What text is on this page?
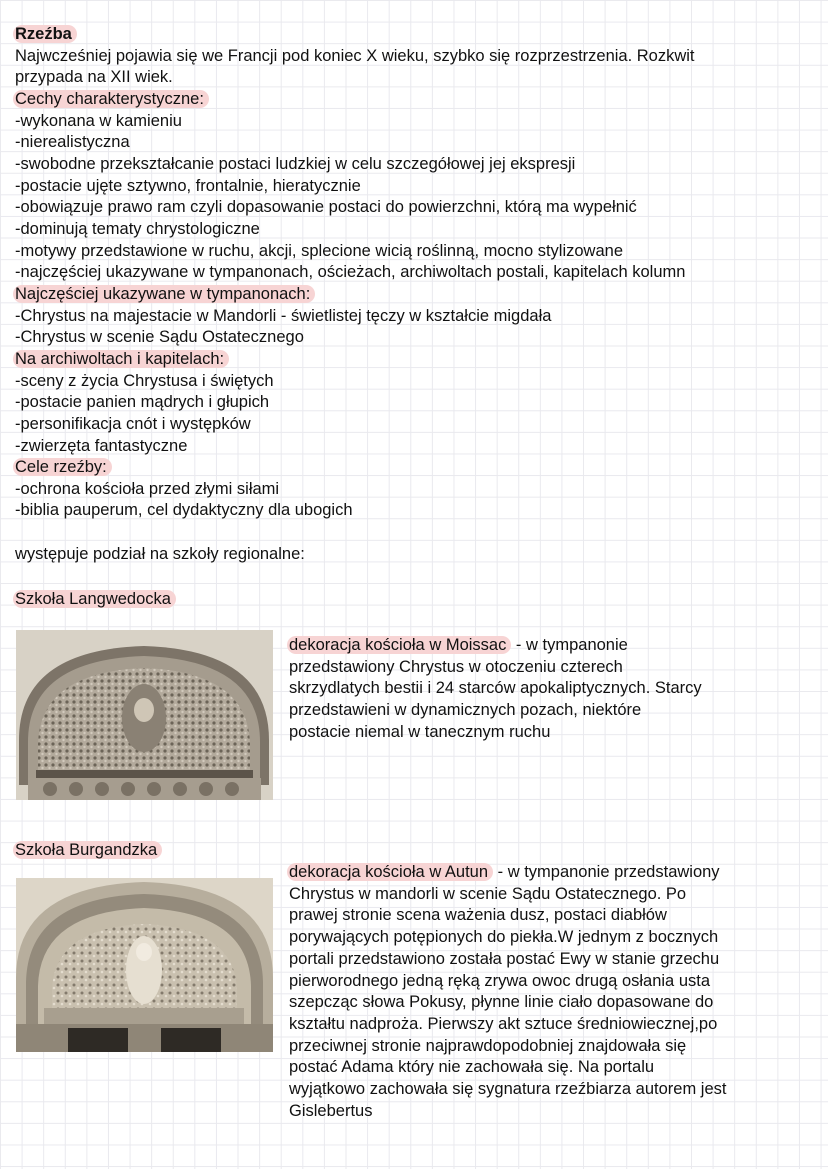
Rzeźba
Najwcześniej pojawia się we Francji pod koniec X wieku, szybko się rozprzestrzenia. Rozkwit
przypada na XII wiek.
Cechy charakterystyczne:
-wykonana w kamieniu
-nierealistyczna
-swobodne przekształcanie postaci ludzkiej w celu szczegółowej jej ekspresji
-postacie ujęte sztywno, frontalnie, hieratycznie
-obowiązuje prawo ram czyli dopasowanie postaci do powierzchni, którą ma wypełnić
-dominują tematy chrystologiczne
-motywy przedstawione w ruchu, akcji, splecione wicią roślinną, mocno stylizowane
-najczęściej ukazywane w tympanonach, ościeżach, archiwoltach postali, kapitelach kolumn
Najczęściej ukazywane w tympanonach:
-Chrystus na majestacie w Mandorli - świetlistej tęczy w kształcie migdała
-Chrystus w scenie Sądu Ostatecznego
Na archiwoltach i kapitelach:
-sceny z życia Chrystusa i świętych
-postacie panien mądrych i głupich
-personifikacja cnót i występków
-zwierzęta fantastyczne
Cele rzeźby:
-ochrona kościoła przed złymi siłami
-biblia pauperum, cel dydaktyczny dla ubogich
występuje podział na szkoły regionalne:
Szkoła Langwedocka
dekoracja kościoła w Moissac - w tympanonie
przedstawiony Chrystus w otoczeniu czterech
skrzydlatych bestii i 24 starców apokaliptycznych. Starcy
przedstawieni w dynamicznych pozach, niektóre
postacie niemal w tanecznym ruchu
Szkoła Burgandzka
dekoracja kościoła w Autun - w tympanonie przedstawiony
Chrystus w mandorli w scenie Sądu Ostatecznego. Po
prawej stronie scena ważenia dusz, postaci diabłów
porywających potępionych do piekła.W jednym z bocznych
portali przedstawiono została postać Ewy w stanie grzechu
pierworodnego jedną ręką zrywa owoc drugą osłania usta
szepcząc słowa Pokusy, płynne linie ciało dopasowane do
kształtu nadproża. Pierwszy akt sztuce średniowiecznej,po
przeciwnej stronie najprawdopodobniej znajdowała się
postać Adama który nie zachowała się. Na portalu
wyjątkowo zachowała się sygnatura rzeźbiarza autorem jest
Gislebertus
